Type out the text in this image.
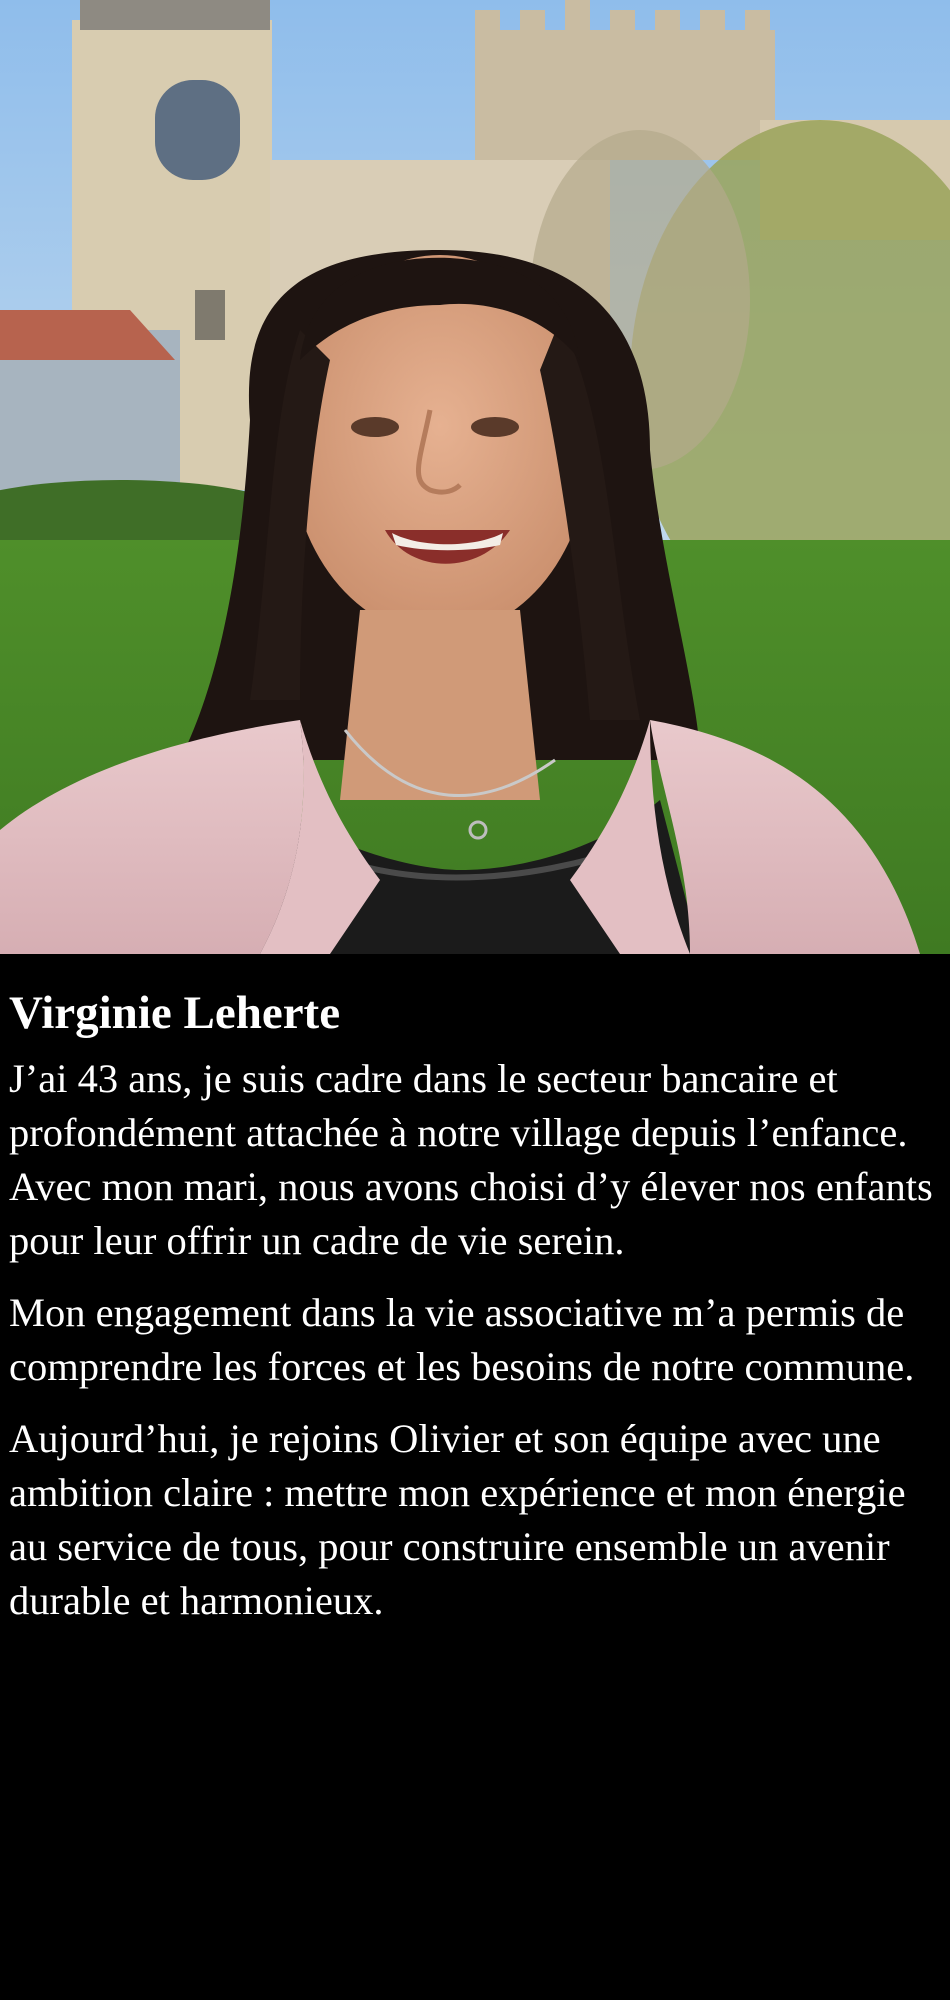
Virginie Leherte

J’ai 43 ans, je suis cadre dans le secteur bancaire et profondément attachée à notre village depuis l’enfance. Avec mon mari, nous avons choisi d’y élever nos enfants pour leur offrir un cadre de vie serein.

Mon engagement dans la vie associative m’a permis de comprendre les forces et les besoins de notre commune.

Aujourd’hui, je rejoins Olivier et son équipe avec une ambition claire : mettre mon expérience et mon énergie au service de tous, pour construire ensemble un avenir durable et harmonieux.
